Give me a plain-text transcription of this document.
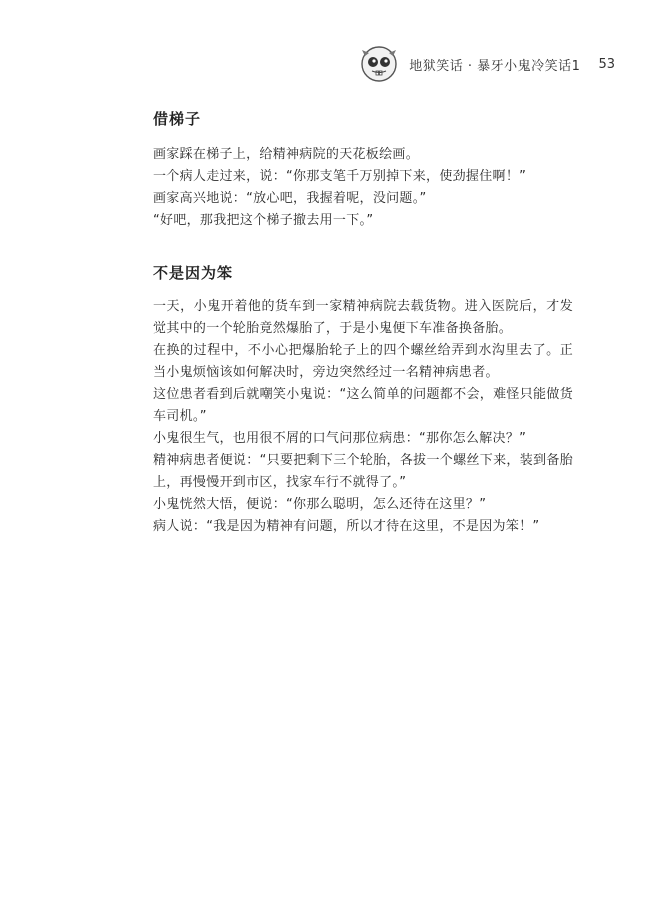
地狱笑话 · 暴牙小鬼冷笑话1 53
借梯子

画家踩在梯子上，给精神病院的天花板绘画。

一个病人走过来，说：“你那支笔千万别掉下来，使劲握住啊！”

画家高兴地说：“放心吧，我握着呢，没问题。”

“好吧，那我把这个梯子撤去用一下。”

不是因为笨

一天，小鬼开着他的货车到一家精神病院去载货物。进入医院后，才发觉其中的一个轮胎竟然爆胎了，于是小鬼便下车准备换备胎。

在换的过程中，不小心把爆胎轮子上的四个螺丝给弄到水沟里去了。正当小鬼烦恼该如何解决时，旁边突然经过一名精神病患者。

这位患者看到后就嘲笑小鬼说：“这么简单的问题都不会，难怪只能做货车司机。”

小鬼很生气，也用很不屑的口气问那位病患：“那你怎么解决？”

精神病患者便说：“只要把剩下三个轮胎，各拔一个螺丝下来，装到备胎上，再慢慢开到市区，找家车行不就得了。”

小鬼恍然大悟，便说：“你那么聪明，怎么还待在这里？”

病人说：“我是因为精神有问题，所以才待在这里，不是因为笨！”
